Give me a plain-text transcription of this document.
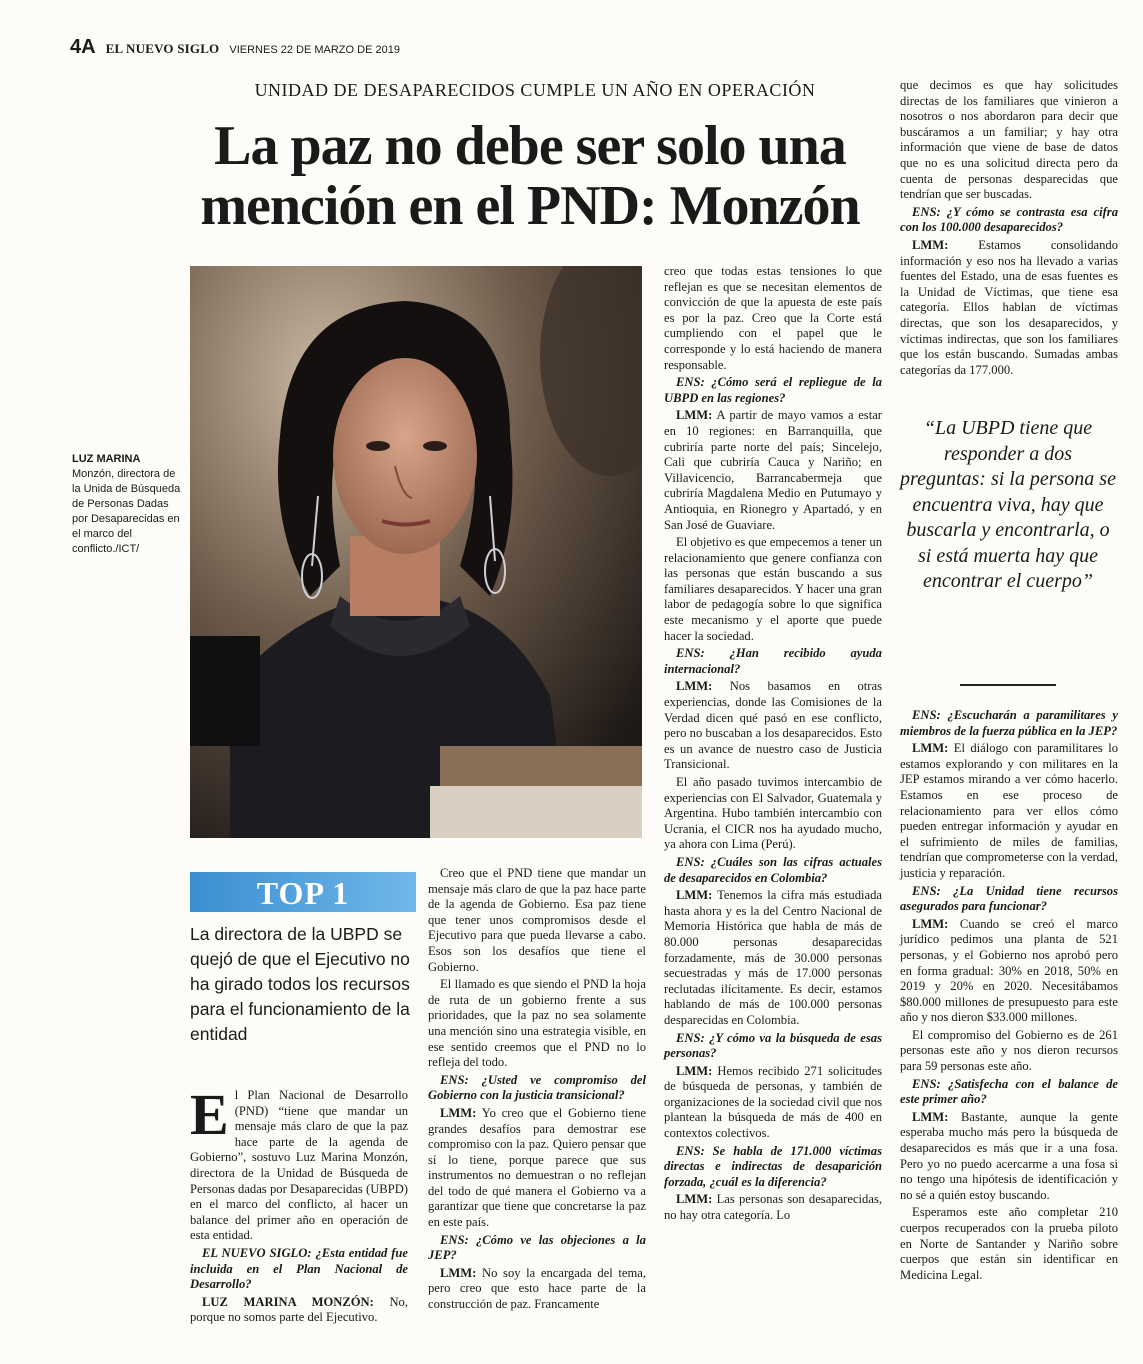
4A EL NUEVO SIGLO VIERNES 22 DE MARZO DE 2019
UNIDAD DE DESAPARECIDOS CUMPLE UN AÑO EN OPERACIÓN
La paz no debe ser solo una mención en el PND: Monzón
LUZ MARINA
Monzón, directora de la Unida de Búsqueda de Personas Dadas por Desaparecidas en el marco del conflicto./ICT/
TOP 1
La directora de la UBPD se quejó de que el Ejecutivo no ha girado todos los recursos para el funcionamiento de la entidad

El Plan Nacional de Desarrollo (PND) “tiene que mandar un mensaje más claro de que la paz hace parte de la agenda de Gobierno”, sostuvo Luz Marina Monzón, directora de la Unidad de Búsqueda de Personas dadas por Desaparecidas (UBPD) en el marco del conflicto, al hacer un balance del primer año en operación de esta entidad.

EL NUEVO SIGLO: ¿Esta entidad fue incluida en el Plan Nacional de Desarrollo?

LUZ MARINA MONZÓN: No, porque no somos parte del Ejecutivo.

Creo que el PND tiene que mandar un mensaje más claro de que la paz hace parte de la agenda de Gobierno. Esa paz tiene que tener unos compromisos desde el Ejecutivo para que pueda llevarse a cabo. Esos son los desafíos que tiene el Gobierno.

El llamado es que siendo el PND la hoja de ruta de un gobierno frente a sus prioridades, que la paz no sea solamente una mención sino una estrategia visible, en ese sentido creemos que el PND no lo refleja del todo.

ENS: ¿Usted ve compromiso del Gobierno con la justicia transicional?

LMM: Yo creo que el Gobierno tiene grandes desafíos para demostrar ese compromiso con la paz. Quiero pensar que sí lo tiene, porque parece que sus instrumentos no demuestran o no reflejan del todo de qué manera el Gobierno va a garantizar que tiene que concretarse la paz en este país.

ENS: ¿Cómo ve las objeciones a la JEP?

LMM: No soy la encargada del tema, pero creo que esto hace parte de la construcción de paz. Francamente

creo que todas estas tensiones lo que reflejan es que se necesitan elementos de convicción de que la apuesta de este país es por la paz. Creo que la Corte está cumpliendo con el papel que le corresponde y lo está haciendo de manera responsable.

ENS: ¿Cómo será el repliegue de la UBPD en las regiones?

LMM: A partir de mayo vamos a estar en 10 regiones: en Barranquilla, que cubriría parte norte del país; Sincelejo, Cali que cubriría Cauca y Nariño; en Villavicencio, Barrancabermeja que cubriría Magdalena Medio en Putumayo y Antioquia, en Rionegro y Apartadó, y en San José de Guaviare.

El objetivo es que empecemos a tener un relacionamiento que genere confianza con las personas que están buscando a sus familiares desaparecidos. Y hacer una gran labor de pedagogía sobre lo que significa este mecanismo y el aporte que puede hacer la sociedad.

ENS: ¿Han recibido ayuda internacional?

LMM: Nos basamos en otras experiencias, donde las Comisiones de la Verdad dicen qué pasó en ese conflicto, pero no buscaban a los desaparecidos. Esto es un avance de nuestro caso de Justicia Transicional.

El año pasado tuvimos intercambio de experiencias con El Salvador, Guatemala y Argentina. Hubo también intercambio con Ucrania, el CICR nos ha ayudado mucho, ya ahora con Lima (Perú).

ENS: ¿Cuáles son las cifras actuales de desaparecidos en Colombia?

LMM: Tenemos la cifra más estudiada hasta ahora y es la del Centro Nacional de Memoria Histórica que habla de más de 80.000 personas desaparecidas forzadamente, más de 30.000 personas secuestradas y más de 17.000 personas reclutadas ilícitamente. Es decir, estamos hablando de más de 100.000 personas desparecidas en Colombia.

ENS: ¿Y cómo va la búsqueda de esas personas?

LMM: Hemos recibido 271 solicitudes de búsqueda de personas, y también de organizaciones de la sociedad civil que nos plantean la búsqueda de más de 400 en contextos colectivos.

ENS: Se habla de 171.000 víctimas directas e indirectas de desaparición forzada, ¿cuál es la diferencia?

LMM: Las personas son desaparecidas, no hay otra categoría. Lo

que decimos es que hay solicitudes directas de los familiares que vinieron a nosotros o nos abordaron para decir que buscáramos a un familiar; y hay otra información que viene de base de datos que no es una solicitud directa pero da cuenta de personas desparecidas que tendrían que ser buscadas.

ENS: ¿Y cómo se contrasta esa cifra con los 100.000 desaparecidos?

LMM: Estamos consolidando información y eso nos ha llevado a varias fuentes del Estado, una de esas fuentes es la Unidad de Víctimas, que tiene esa categoría. Ellos hablan de víctimas directas, que son los desaparecidos, y víctimas indirectas, que son los familiares que los están buscando. Sumadas ambas categorías da 177.000.

“La UBPD tiene que responder a dos preguntas: si la persona se encuentra viva, hay que buscarla y encontrarla, o si está muerta hay que encontrar el cuerpo”

ENS: ¿Escucharán a paramilitares y miembros de la fuerza pública en la JEP?

LMM: El diálogo con paramilitares lo estamos explorando y con militares en la JEP estamos mirando a ver cómo hacerlo. Estamos en ese proceso de relacionamiento para ver ellos cómo pueden entregar información y ayudar en el sufrimiento de miles de familias, tendrían que comprometerse con la verdad, justicia y reparación.

ENS: ¿La Unidad tiene recursos asegurados para funcionar?

LMM: Cuando se creó el marco jurídico pedimos una planta de 521 personas, y el Gobierno nos aprobó pero en forma gradual: 30% en 2018, 50% en 2019 y 20% en 2020. Necesitábamos $80.000 millones de presupuesto para este año y nos dieron $33.000 millones.

El compromiso del Gobierno es de 261 personas este año y nos dieron recursos para 59 personas este año.

ENS: ¿Satisfecha con el balance de este primer año?

LMM: Bastante, aunque la gente esperaba mucho más pero la búsqueda de desaparecidos es más que ir a una fosa. Pero yo no puedo acercarme a una fosa si no tengo una hipótesis de identificación y no sé a quién estoy buscando.

Esperamos este año completar 210 cuerpos recuperados con la prueba piloto en Norte de Santander y Nariño sobre cuerpos que están sin identificar en Medicina Legal.
